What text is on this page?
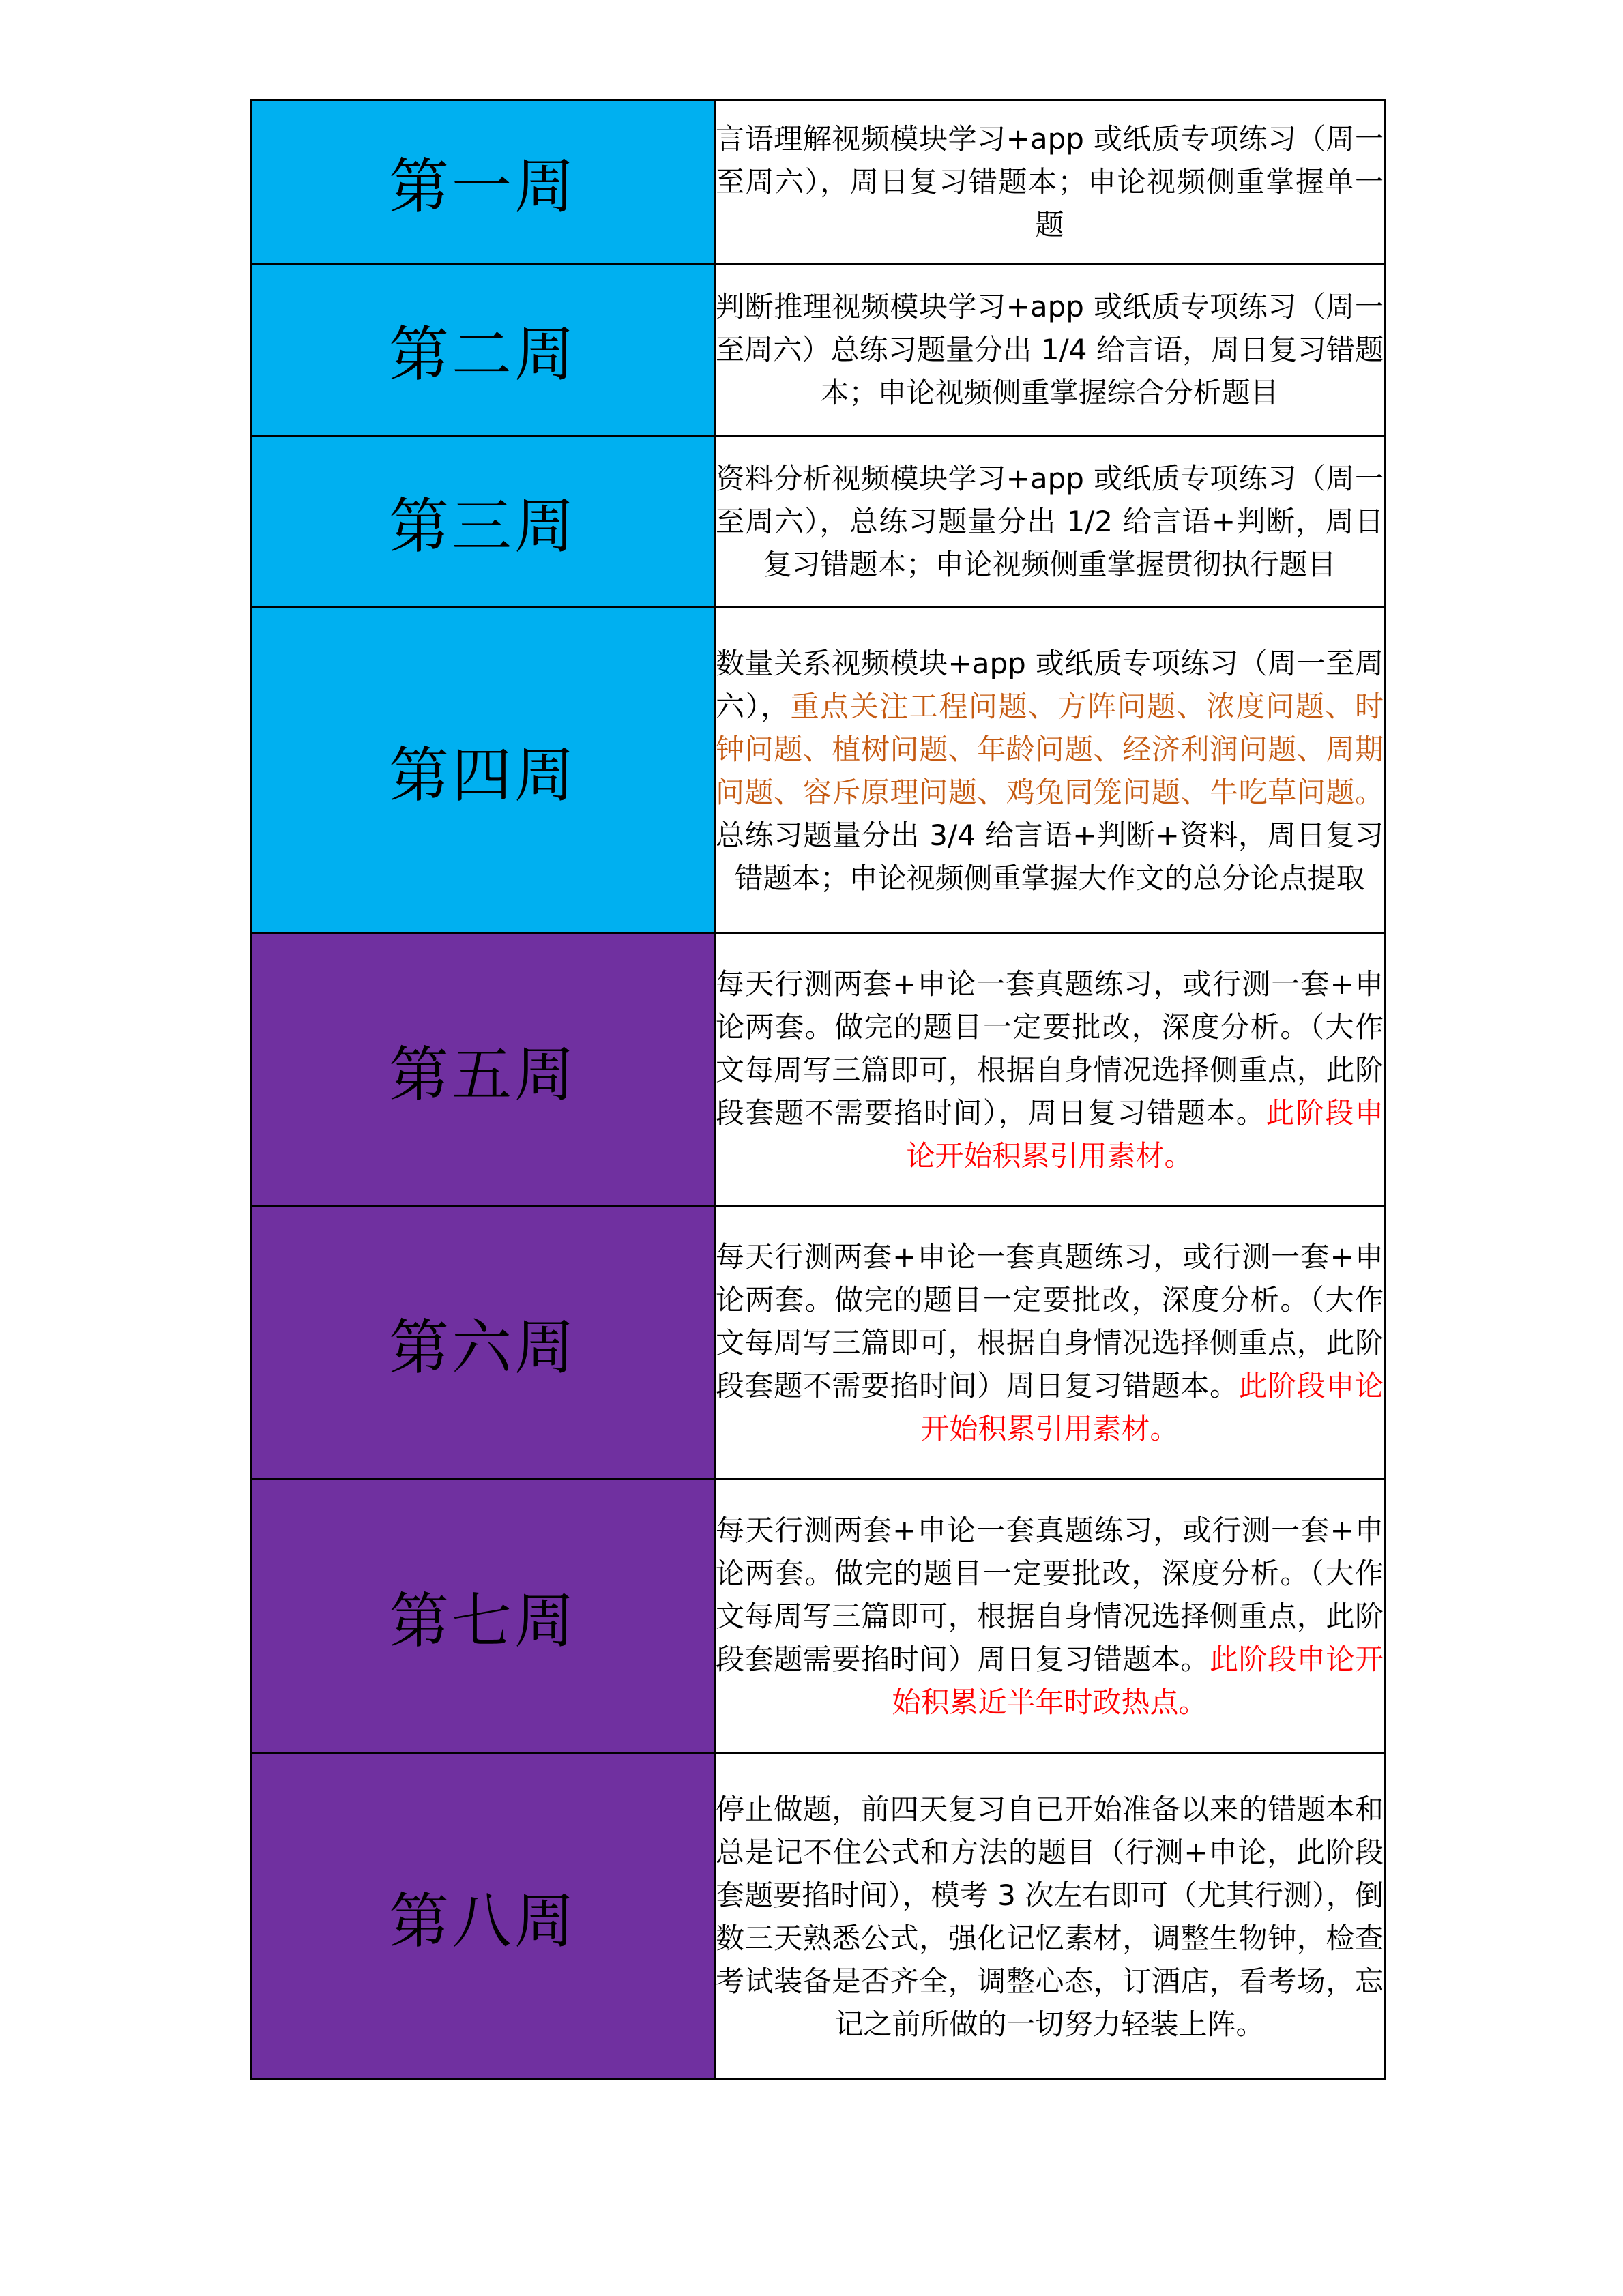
第一周	言语理解视频模块学习+app 或纸质专项练习（周一至周六），周日复习错题本；申论视频侧重掌握单一题
第二周	判断推理视频模块学习+app 或纸质专项练习（周一至周六）总练习题量分出 1/4 给言语，周日复习错题本；申论视频侧重掌握综合分析题目
第三周	资料分析视频模块学习+app 或纸质专项练习（周一至周六），总练习题量分出 1/2 给言语+判断，周日复习错题本；申论视频侧重掌握贯彻执行题目
第四周	数量关系视频模块+app 或纸质专项练习（周一至周六），重点关注工程问题、方阵问题、浓度问题、时钟问题、植树问题、年龄问题、经济利润问题、周期问题、容斥原理问题、鸡兔同笼问题、牛吃草问题。总练习题量分出 3/4 给言语+判断+资料，周日复习错题本；申论视频侧重掌握大作文的总分论点提取
第五周	每天行测两套+申论一套真题练习，或行测一套+申论两套。做完的题目一定要批改，深度分析。（大作文每周写三篇即可，根据自身情况选择侧重点，此阶段套题不需要掐时间），周日复习错题本。此阶段申论开始积累引用素材。
第六周	每天行测两套+申论一套真题练习，或行测一套+申论两套。做完的题目一定要批改，深度分析。（大作文每周写三篇即可，根据自身情况选择侧重点，此阶段套题不需要掐时间）周日复习错题本。此阶段申论开始积累引用素材。
第七周	每天行测两套+申论一套真题练习，或行测一套+申论两套。做完的题目一定要批改，深度分析。（大作文每周写三篇即可，根据自身情况选择侧重点，此阶段套题需要掐时间）周日复习错题本。此阶段申论开始积累近半年时政热点。
第八周	停止做题，前四天复习自已开始准备以来的错题本和总是记不住公式和方法的题目（行测+申论，此阶段套题要掐时间），模考 3 次左右即可（尤其行测），倒数三天熟悉公式，强化记忆素材，调整生物钟，检查考试装备是否齐全，调整心态，订酒店，看考场，忘记之前所做的一切努力轻装上阵。
